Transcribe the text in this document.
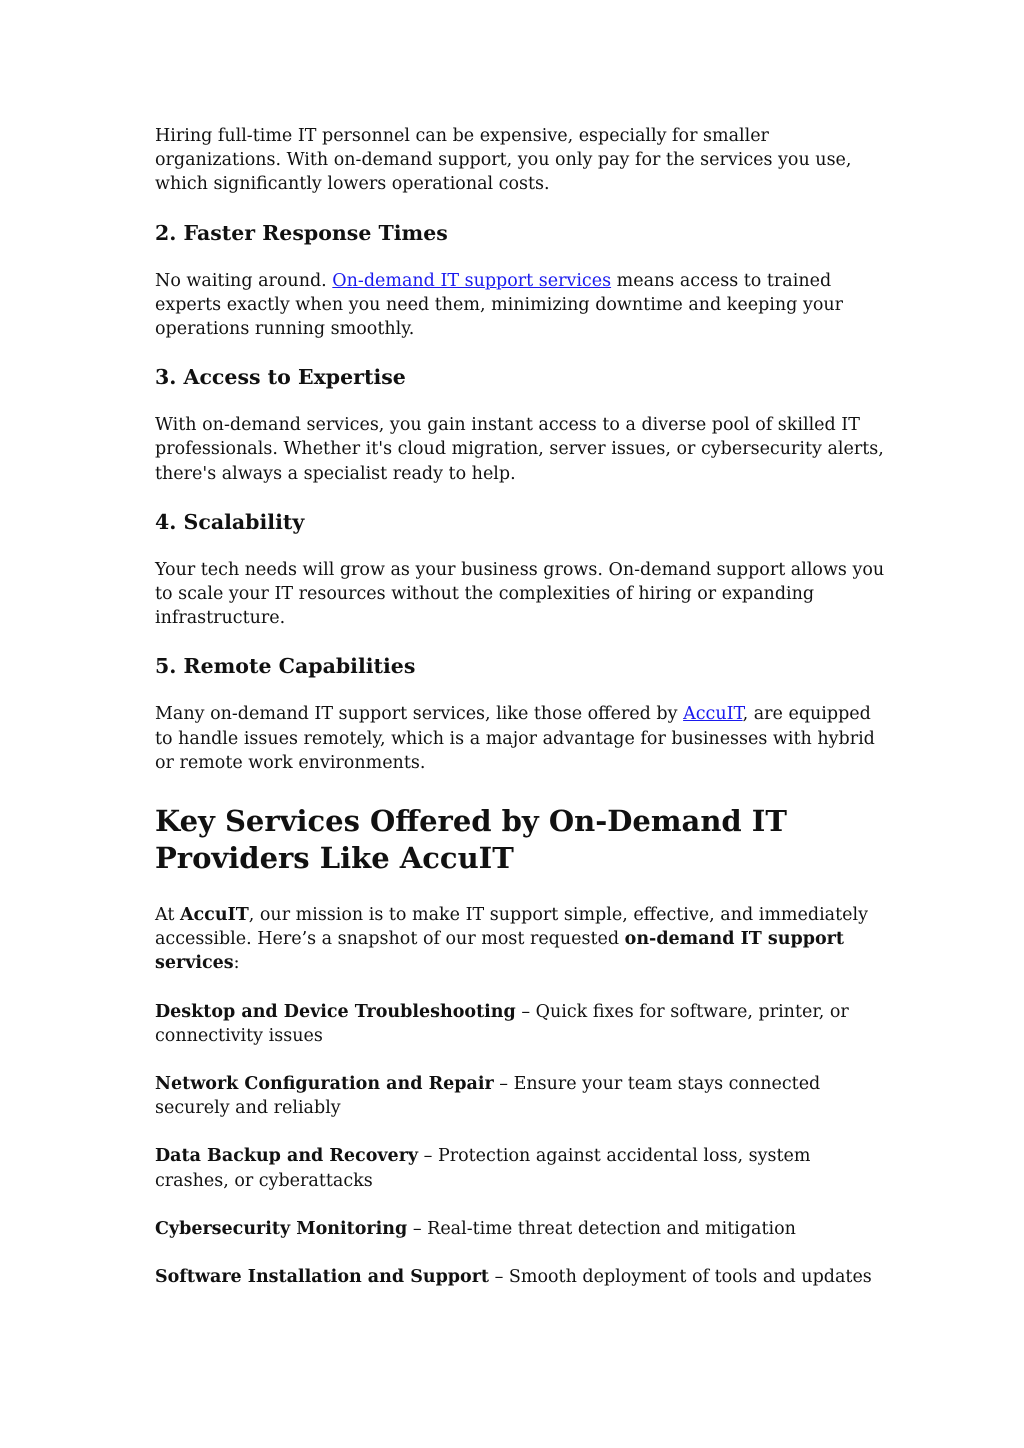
Hiring full-time IT personnel can be expensive, especially for smaller organizations. With on-demand support, you only pay for the services you use, which significantly lowers operational costs.

2. Faster Response Times

No waiting around. On-demand IT support services means access to trained experts exactly when you need them, minimizing downtime and keeping your operations running smoothly.

3. Access to Expertise

With on-demand services, you gain instant access to a diverse pool of skilled IT professionals. Whether it's cloud migration, server issues, or cybersecurity alerts, there's always a specialist ready to help.

4. Scalability

Your tech needs will grow as your business grows. On-demand support allows you to scale your IT resources without the complexities of hiring or expanding infrastructure.

5. Remote Capabilities

Many on-demand IT support services, like those offered by AccuIT, are equipped to handle issues remotely, which is a major advantage for businesses with hybrid or remote work environments.

Key Services Offered by On-Demand IT Providers Like AccuIT

At AccuIT, our mission is to make IT support simple, effective, and immediately accessible. Here’s a snapshot of our most requested on-demand IT support services:

Desktop and Device Troubleshooting – Quick fixes for software, printer, or connectivity issues

Network Configuration and Repair – Ensure your team stays connected securely and reliably

Data Backup and Recovery – Protection against accidental loss, system crashes, or cyberattacks

Cybersecurity Monitoring – Real-time threat detection and mitigation

Software Installation and Support – Smooth deployment of tools and updates
